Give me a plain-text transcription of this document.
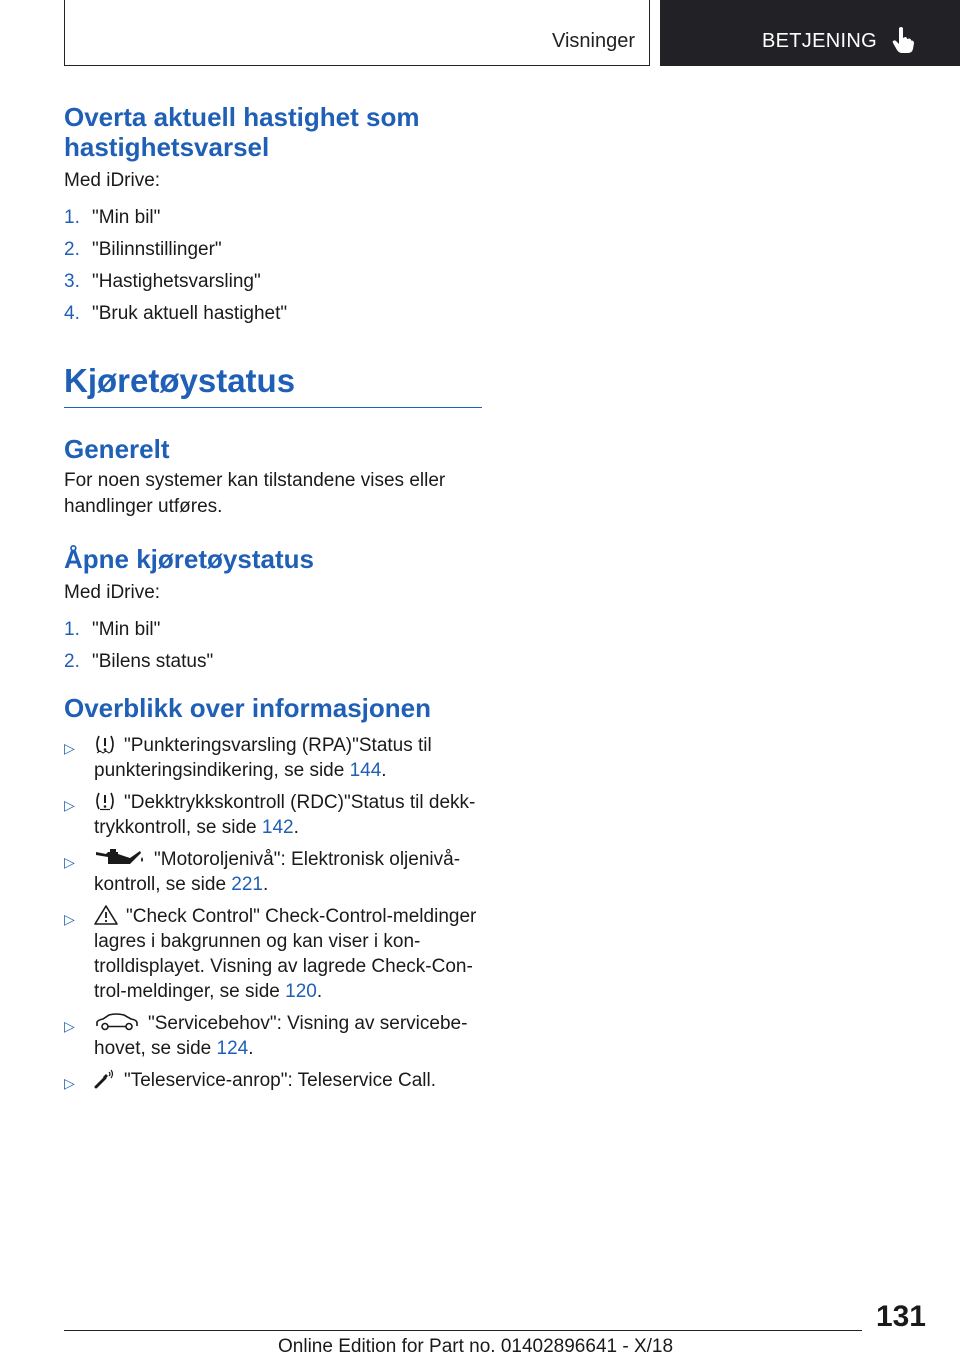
Visninger	BETJENING
Overta aktuell hastighet som hastighetsvarsel

Med iDrive:

1. "Min bil"
2. "Bilinnstillinger"
3. "Hastighetsvarsling"
4. "Bruk aktuell hastighet"
Kjøretøystatus
Generelt

For noen systemer kan tilstandene vises eller handlinger utføres.

Åpne kjøretøystatus

Med iDrive:

1. "Min bil"
2. "Bilens status"
Overblikk over informasjonen
▷	"Punkteringsvarsling (RPA)"Status til punkteringsindikering, se side 144.
▷	"Dekktrykkskontroll (RDC)"Status til dekktrykkontroll, se side 142.
▷	"Motoroljenivå": Elektronisk oljenivåkontroll, se side 221.
▷	"Check Control" Check-Control-meldinger lagres i bakgrunnen og kan viser i kontrolldisplayet. Visning av lagrede Check-Control-meldinger, se side 120.
▷	"Servicebehov": Visning av servicebehovet, se side 124.
▷	"Teleservice-anrop": Teleservice Call.
131
Online Edition for Part no. 01402896641 - X/18
